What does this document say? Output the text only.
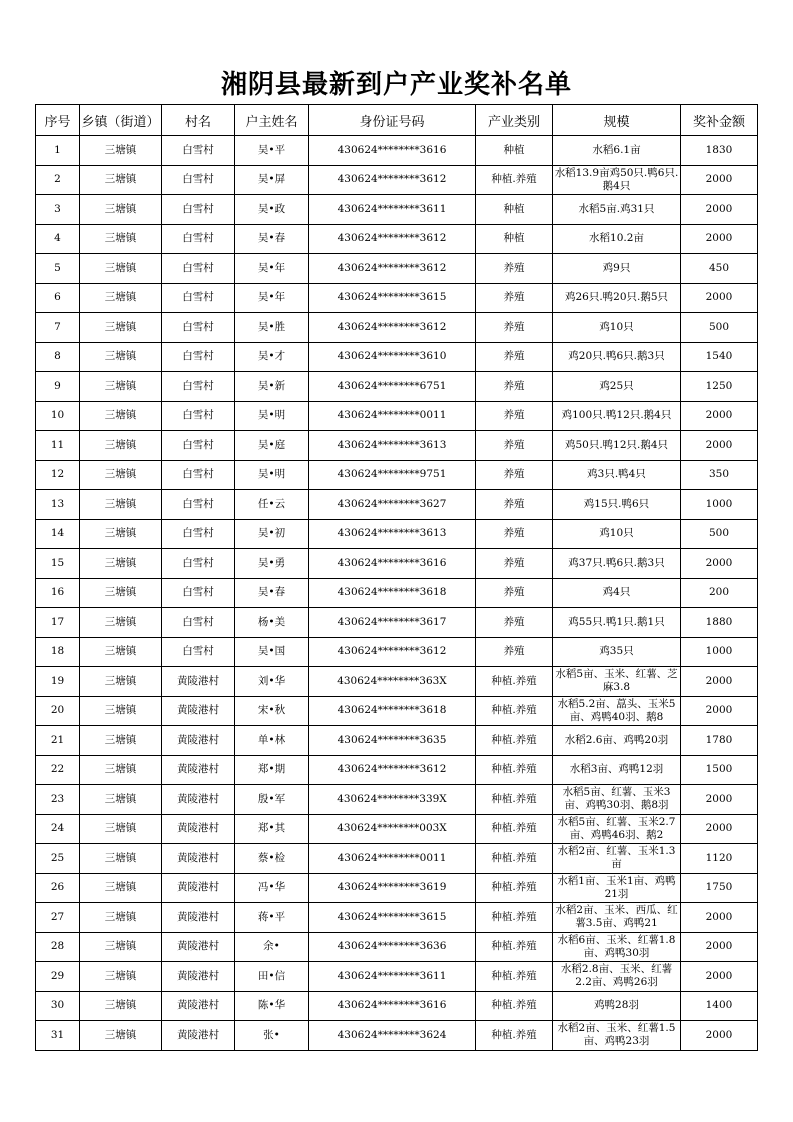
湘阴县最新到户产业奖补名单
序号	乡镇（街道）	村名	户主姓名	身份证号码	产业类别	规模	奖补金额
1	三塘镇	白雪村	吴•平	430624********3616	种植	水稻6.1亩	1830
2	三塘镇	白雪村	吴•屏	430624********3612	种植.养殖	水稻13.9亩鸡50只.鸭6只.鹅4只	2000
3	三塘镇	白雪村	吴•政	430624********3611	种植	水稻5亩.鸡31只	2000
4	三塘镇	白雪村	吴•春	430624********3612	种植	水稻10.2亩	2000
5	三塘镇	白雪村	吴•年	430624********3612	养殖	鸡9只	450
6	三塘镇	白雪村	吴•年	430624********3615	养殖	鸡26只.鸭20只.鹅5只	2000
7	三塘镇	白雪村	吴•胜	430624********3612	养殖	鸡10只	500
8	三塘镇	白雪村	吴•才	430624********3610	养殖	鸡20只.鸭6只.鹅3只	1540
9	三塘镇	白雪村	吴•新	430624********6751	养殖	鸡25只	1250
10	三塘镇	白雪村	吴•明	430624********0011	养殖	鸡100只.鸭12只.鹅4只	2000
11	三塘镇	白雪村	吴•庭	430624********3613	养殖	鸡50只.鸭12只.鹅4只	2000
12	三塘镇	白雪村	吴•明	430624********9751	养殖	鸡3只.鸭4只	350
13	三塘镇	白雪村	任•云	430624********3627	养殖	鸡15只.鸭6只	1000
14	三塘镇	白雪村	吴•初	430624********3613	养殖	鸡10只	500
15	三塘镇	白雪村	吴•勇	430624********3616	养殖	鸡37只.鸭6只.鹅3只	2000
16	三塘镇	白雪村	吴•春	430624********3618	养殖	鸡4只	200
17	三塘镇	白雪村	杨•美	430624********3617	养殖	鸡55只.鸭1只.鹅1只	1880
18	三塘镇	白雪村	吴•国	430624********3612	养殖	鸡35只	1000
19	三塘镇	黄陵港村	刘•华	430624********363X	种植.养殖	水稻5亩、玉米、红薯、芝麻3.8	2000
20	三塘镇	黄陵港村	宋•秋	430624********3618	种植.养殖	水稻5.2亩、藠头、玉米5亩、鸡鸭40羽、鹅8	2000
21	三塘镇	黄陵港村	单•林	430624********3635	种植.养殖	水稻2.6亩、鸡鸭20羽	1780
22	三塘镇	黄陵港村	郑•期	430624********3612	种植.养殖	水稻3亩、鸡鸭12羽	1500
23	三塘镇	黄陵港村	殷•军	430624********339X	种植.养殖	水稻5亩、红薯、玉米3亩、鸡鸭30羽、鹅8羽	2000
24	三塘镇	黄陵港村	郑•其	430624********003X	种植.养殖	水稻5亩、红薯、玉米2.7亩、鸡鸭46羽、鹅2	2000
25	三塘镇	黄陵港村	蔡•检	430624********0011	种植.养殖	水稻2亩、红薯、玉米1.3亩	1120
26	三塘镇	黄陵港村	冯•华	430624********3619	种植.养殖	水稻1亩、玉米1亩、鸡鸭21羽	1750
27	三塘镇	黄陵港村	蒋•平	430624********3615	种植.养殖	水稻2亩、玉米、西瓜、红薯3.5亩、鸡鸭21	2000
28	三塘镇	黄陵港村	余•	430624********3636	种植.养殖	水稻6亩、玉米、红薯1.8亩、鸡鸭30羽	2000
29	三塘镇	黄陵港村	田•信	430624********3611	种植.养殖	水稻2.8亩、玉米、红薯2.2亩、鸡鸭26羽	2000
30	三塘镇	黄陵港村	陈•华	430624********3616	种植.养殖	鸡鸭28羽	1400
31	三塘镇	黄陵港村	张•	430624********3624	种植.养殖	水稻2亩、玉米、红薯1.5亩、鸡鸭23羽	2000
